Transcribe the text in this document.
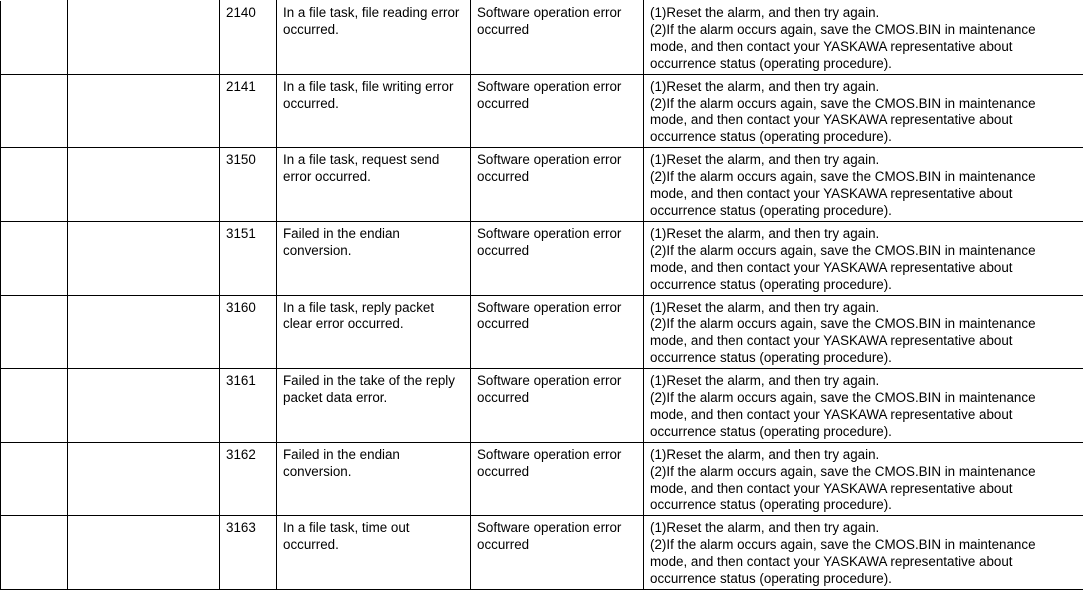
		2140	In a file task, file reading error occurred.	Software operation error occurred	(1)Reset the alarm, and then try again.
(2)If the alarm occurs again, save the CMOS.BIN in maintenance
mode, and then contact your YASKAWA representative about
occurrence status (operating procedure).

		2141	In a file task, file writing error occurred.	Software operation error occurred	(1)Reset the alarm, and then try again.
(2)If the alarm occurs again, save the CMOS.BIN in maintenance
mode, and then contact your YASKAWA representative about
occurrence status (operating procedure).

		3150	In a file task, request send error occurred.	Software operation error occurred	(1)Reset the alarm, and then try again.
(2)If the alarm occurs again, save the CMOS.BIN in maintenance
mode, and then contact your YASKAWA representative about
occurrence status (operating procedure).

		3151	Failed in the endian conversion.	Software operation error occurred	(1)Reset the alarm, and then try again.
(2)If the alarm occurs again, save the CMOS.BIN in maintenance
mode, and then contact your YASKAWA representative about
occurrence status (operating procedure).

		3160	In a file task, reply packet clear error occurred.	Software operation error occurred	(1)Reset the alarm, and then try again.
(2)If the alarm occurs again, save the CMOS.BIN in maintenance
mode, and then contact your YASKAWA representative about
occurrence status (operating procedure).

		3161	Failed in the take of the reply packet data error.	Software operation error occurred	(1)Reset the alarm, and then try again.
(2)If the alarm occurs again, save the CMOS.BIN in maintenance
mode, and then contact your YASKAWA representative about
occurrence status (operating procedure).

		3162	Failed in the endian conversion.	Software operation error occurred	(1)Reset the alarm, and then try again.
(2)If the alarm occurs again, save the CMOS.BIN in maintenance
mode, and then contact your YASKAWA representative about
occurrence status (operating procedure).

		3163	In a file task, time out occurred.	Software operation error occurred	(1)Reset the alarm, and then try again.
(2)If the alarm occurs again, save the CMOS.BIN in maintenance
mode, and then contact your YASKAWA representative about
occurrence status (operating procedure).
